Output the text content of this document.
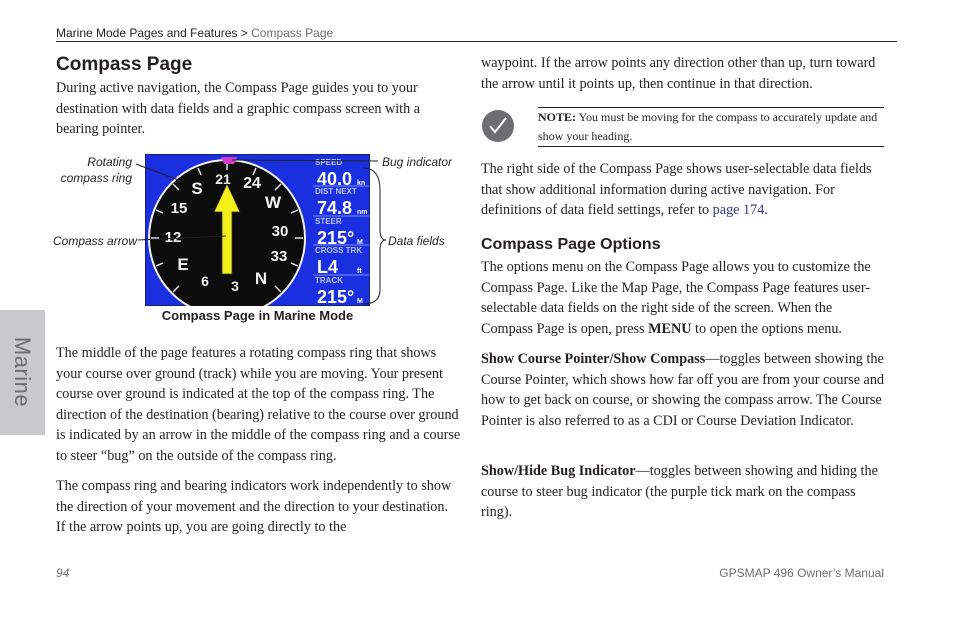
Marine Mode Pages and Features > Compass Page
Marine
Compass Page

During active navigation, the Compass Page guides you to your destination with data fields and a graphic compass screen with a bearing pointer.

21
S	24
15	W
12	30
E	33
6	N
3
SPEED
40.0 kn
DIST NEXT
74.8 nm
STEER
215° M
CROSS TRK
L4	ft
TRACK
215° M
Rotating compass ring
Compass arrow
Bug indicator
Data fields
Compass Page in Marine Mode

The middle of the page features a rotating compass ring that shows your course over ground (track) while you are moving. Your present course over ground is indicated at the top of the compass ring. The direction of the destination (bearing) relative to the course over ground is indicated by an arrow in the middle of the compass ring and a course to steer “bug” on the outside of the compass ring.

The compass ring and bearing indicators work independently to show the direction of your movement and the direction to your destination. If the arrow points up, you are going directly to the

waypoint. If the arrow points any direction other than up, turn toward the arrow until it points up, then continue in that direction.

NOTE: You must be moving for the compass to accurately update and show your heading.

The right side of the Compass Page shows user-selectable data fields that show additional information during active navigation. For definitions of data field settings, refer to page 174.

Compass Page Options

The options menu on the Compass Page allows you to customize the Compass Page. Like the Map Page, the Compass Page features user-selectable data fields on the right side of the screen. When the Compass Page is open, press MENU to open the options menu.

Show Course Pointer/Show Compass—toggles between showing the Course Pointer, which shows how far off you are from your course and how to get back on course, or showing the compass arrow. The Course Pointer is also referred to as a CDI or Course Deviation Indicator.

Show/Hide Bug Indicator—toggles between showing and hiding the course to steer bug indicator (the purple tick mark on the compass ring).

94	GPSMAP 496 Owner’s Manual
